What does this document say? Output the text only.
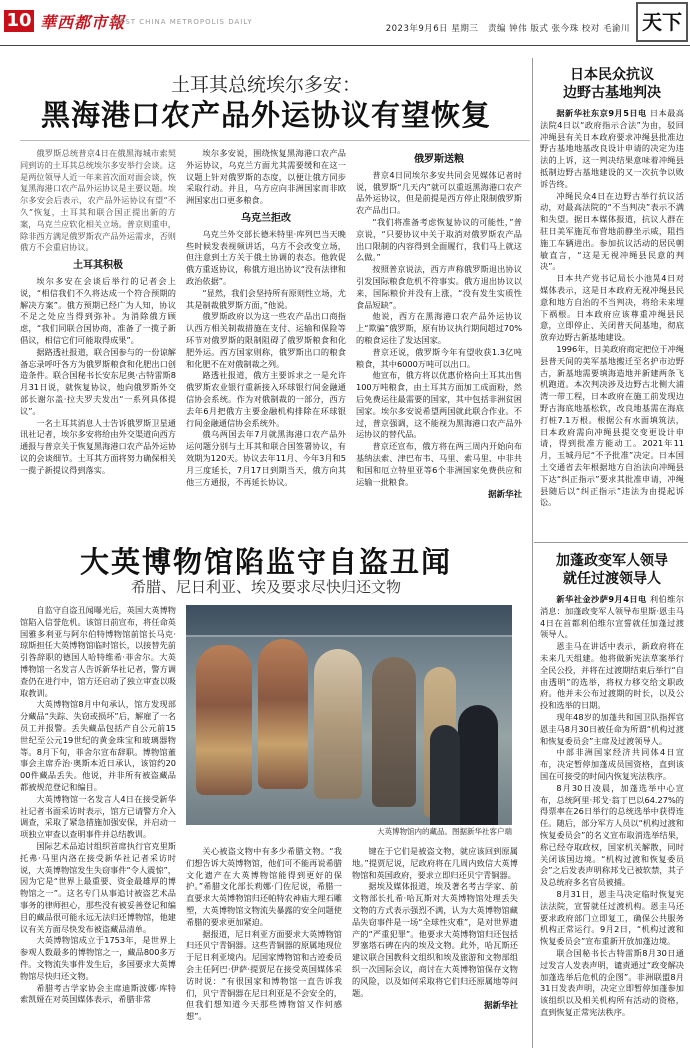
10 華西都市報
WEST CHINA METROPOLIS DAILY
2023年9月6日 星期三 责编 钟伟 版式 张今珠 校对 毛渝川 天下
土耳其总统埃尔多安：
黑海港口农产品外运协议有望恢复

俄罗斯总统普京4日在俄黑海城市索契同到访的土耳其总统埃尔多安举行会谈。这是两位领导人近一年来首次面对面会谈，恢复黑海港口农产品外运协议是主要议题。埃尔多安会后表示，农产品外运协议有望“不久”恢复，土耳其和联合国正提出新的方案，乌克兰应软化相关立场。普京则重申，除非西方满足俄罗斯农产品外运需求，否则俄方不会重启协议。

土耳其积极

埃尔多安在会谈后举行的记者会上说，“相信我们不久将达成一个符合预期的解决方案”。俄方预期已经广为人知，协议不足之处应当得到弥补。为消除俄方顾虑，“我们同联合国协商，准备了一揽子新倡议，相信它们可能取得成果”。

据路透社报道，联合国参与的一份谅解备忘录呼吁各方为俄罗斯粮食和化肥出口创造条件。联合国秘书长安东尼奥·古特雷斯8月31日说，就恢复协议，他向俄罗斯外交部长谢尔盖·拉夫罗夫发出“一系列具体提议”。

一名土耳其消息人士告诉俄罗斯卫星通讯社记者，埃尔多安将给由外交渠道向西方通报与普京关于恢复黑海港口农产品外运协议的会谈细节。土耳其方面将努力确保相关一揽子新提议得到落实。

埃尔多安说，围绕恢复黑海港口农产品外运协议，乌克兰方面尤其需要缓和在这一议题上针对俄罗斯的态度，以便让俄方同步采取行动。并且，乌方应向非洲国家而非欧洲国家出口更多粮食。

乌克兰拒改

乌克兰外交部长德米特里·库列巴当天晚些时候发表视频讲话，乌方不会改变立场，但注意到土方关于俄土协调的表态。他敦促俄方重返协议，称俄方退出协议“没有法律和政治依据”。

“显然，我们会坚持所有原则性立场，尤其是制裁俄罗斯方面，”他说。

俄罗斯政府以为这一些农产品出口商指认西方相关制裁措施在支付、运输和保险等环节对俄罗斯的限制阻碍了俄罗斯粮食和化肥外运。西方国家则称，俄罗斯出口的粮食和化肥不在对俄制裁之列。

路透社报道，俄方主要诉求之一是允许俄罗斯农业银行重新接入环球银行间金融通信协会系统。作为对俄制裁的一部分，西方去年6月把俄方主要金融机构排除在环球银行间金融通信协会系统外。

俄乌两国去年7月就黑海港口农产品外运问题分别与土耳其和联合国签署协议，有效期为120天。协议去年11月、今年3月和5月三度延长，7月17日到期当天，俄方向其他三方通报，不再延长协议。

俄罗斯送粮

普京4日同埃尔多安共同会见媒体记者时说，俄罗斯“几天内”就可以重返黑海港口农产品外运协议，但是前提是西方停止限制俄罗斯农产品出口。

“我们将准备考虑恢复协议的可能性，”普京说，“只要协议中关于取消对俄罗斯农产品出口限制的内容得到全面履行，我们马上就这么做。”

按照普京说法，西方声称俄罗斯退出协议引发国际粮食危机不符事实。俄方退出协议以来，国际粮价并没有上涨，“没有发生实质性食品短缺”。

他说，西方在黑海港口农产品外运协议上“欺骗”俄罗斯，原有协议执行期间超过70%的粮食运往了发达国家。

普京还说，俄罗斯今年有望收获1.3亿吨粮食，其中6000万吨可以出口。

他宣布，俄方将以优惠价格向土耳其出售100万吨粮食，由土耳其方面加工成面粉，然后免费运往最需要的国家，其中包括非洲贫困国家。埃尔多安说希望两国就此联合作业。不过，普京强调，这不能视为黑海港口农产品外运协议的替代品。

普京还宣布，俄方将在两三周内开始向布基纳法索、津巴布韦、马里、索马里、中非共和国和厄立特里亚等6个非洲国家免费供应和运输一批粮食。

据新华社

大英博物馆陷监守自盗丑闻
希腊、尼日利亚、埃及要求尽快归还文物
大英博物馆内的藏品。图据新华社客户端

自监守自盗丑闻曝光后，英国大英博物馆陷入信誉危机。该馆日前宣布，将任命英国雅多利亚与阿尔伯特博物馆前馆长马克·琼斯担任大英博物馆临时馆长，以接替先前引咎辞职的德国人哈特维希·菲舍尔。大英博物馆一名发言人告诉新华社记者，警方调查仍在进行中，馆方还启动了独立审查以吸取教训。

大英博物馆8月中旬承认，馆方发现部分藏品“失踪、失窃或损坏”后，解雇了一名员工并报警。丢失藏品包括产自公元前15世纪至公元19世纪的黄金珠宝和玻璃器物等。8月下旬，菲舍尔宣布辞职。博物馆董事会主席乔治·奥斯本近日承认，该馆约2000件藏品丢失。他说，并非所有被盗藏品都被规范登记和编目。

大英博物馆一名发言人4日在接受新华社记者书面采访时表示，馆方已请警方介入调查，采取了紧急措施加强安保，并启动一项独立审查以查明事件并总结教训。

国际艺术品追讨组织首席执行官克里斯托弗·马里内洛在接受新华社记者采访时说，大英博物馆发生失窃事件“令人震惊”，因为它是“世界上最重要、资金最雄厚的博物馆之一”。这名专门从事追讨被盗艺术品事务的律师担心，那些没有被妥善登记和编目的藏品很可能永远无法归还博物馆，他建议有关方面尽快发布被盗藏品清单。

大英博物馆成立于1753年，是世界上参观人数最多的博物馆之一，藏品800多万件。文物流失事件发生后，多国要求大英博物馆尽快归还文物。

希腊考古学家协会主席迪斯波娜·库特索凯娅在对英国媒体表示，希腊非常

关心被盗文物中有多少希腊文物。“我们想告诉大英博物馆，他们可不能再说希腊文化遗产在大英博物馆能得到更好的保护。”希腊文化部长莉娜·门佐尼说，希腊一直要求大英博物馆归还帕特农神庙大理石雕塑，大英博物馆文物流失暴露的安全问题使希腊的要求更加紧迫。

据报道，尼日利亚方面要求大英博物馆归还贝宁青铜器。这些青铜器的原属地现位于尼日利亚境内。尼国家博物馆和古迹委员会主任阿巴·伊萨·提贾尼在接受英国媒体采访时说：“有很国家和博物馆一直告诉我们，贝宁青铜器在尼日利亚是不会安全的，但我们想知道今天那些博物馆又作何感想”。

键在于它们是被盗文物，就应该回到原属地。”提贾尼说，尼政府将在几周内致信大英博物馆和英国政府，要求立即归还贝宁青铜器。

据埃及媒体报道，埃及著名考古学家、前文物部长扎希·哈瓦斯对大英博物馆处理丢失文物的方式表示强烈不满，认为大英博物馆藏品失窃事件是一场“全球性灾难”，是对世界遗产的“严重犯罪”。他要求大英博物馆归还包括罗塞塔石碑在内的埃及文物。此外，哈瓦斯还建议联合国教科文组织和埃及旅游和文物部组织一次国际会议，商讨在大英博物馆保存文物的风险，以及如何采取将它们归还原属地等问题。

据新华社

日本民众抗议
边野古基地判决

据新华社东京9月5日电 日本最高法院4日以“政府指示合法”为由，驳回冲绳县有关日本政府要求冲绳县批准边野古基地地基改良设计申请的决定为违法的上诉，这一判决结果意味着冲绳县抵制边野古基地建设的又一次抗争以败诉告终。

冲绳民众4日在边野古举行抗议活动，对最高法院的“不当判决”表示不满和失望。据日本媒体报道，抗议人群在驻日美军施瓦布营地前静坐示威，阻挡施工车辆进出。参加抗议活动的居民朝敏直言，“这是无视冲绳县民意的判决”。

日本共产党书记局长小池晃4日对媒体表示，这是日本政府无视冲绳县民意和地方自治的不当判决，将给未来埋下祸根。日本政府应该尊重冲绳县民意，立即停止、关闭普天间基地，彻底放弃边野古新基地建设。

1996年，日美政府商定把位于冲绳县普天间的美军基地搬迁至名护市边野古，新基地需要填海造地并新建两条飞机跑道。本次判决涉及边野古北侧大浦湾一带工程，日本政府在施工前发现边野古海底地基松软，改良地基需在海底打桩7.1万根。根据公有水面填筑法，日本政府需向冲绳县提交变更设计申请，得到批准方能动工。2021年11月，玉城丹尼“不予批准”决定。日本国土交通省去年根据地方自治法向冲绳县下达“纠正指示”要求其批准申请，冲绳县随后以“纠正指示”违法为由提起诉讼。

加蓬政变军人领导
就任过渡领导人

新华社金沙萨9月4日电 利伯维尔消息：加蓬政变军人领导布里斯·恩圭马4日在首都利伯维尔宣誓就任加蓬过渡领导人。

恩圭马在讲话中表示，新政府将在未来几天组建。他将做新宪法草案举行全民公投，并将在过渡期结束后举行“自由透明”的选举，将权力移交给文职政府。他并未公布过渡期的时长，以及公投和选举的日期。

现年48岁的加蓬共和国卫队指挥官恩圭马8月30日被任命为所谓“机构过渡和恢复委员会”主席及过渡领导人。

中部非洲国家经济共同体4日宣布，决定暂停加蓬成员国资格，直到该国在可接受的时间内恢复宪法秩序。

8月30日凌晨，加蓬选举中心宣布，总统阿里·邦戈·翁丁巴以64.27%的得票率在26日举行的总统选举中获得连任。随后，部分军方人员以“机构过渡和恢复委员会”的名义宣布取消选举结果，称已经夺取政权，国家机关解散，同时关闭该国边境。“机构过渡和恢复委员会”之后发表声明称邦戈已被软禁，其子及总统府多名官员被捕。

8月31日，恩圭马决定临时恢复宪法法院，宣誓就任过渡机构。恩圭马还要求政府部门立即复工，确保公共服务机构正常运行。9月2日，“机构过渡和恢复委员会”宣布重新开放加蓬边境。

联合国秘书长古特雷斯8月30日通过发言人发表声明，谴责通过“政变解决加蓬选举后危机的企图”。非洲联盟8月31日发表声明，决定立即暂停加蓬参加该组织以及相关机构所有活动的资格，直到恢复正常宪法秩序。
